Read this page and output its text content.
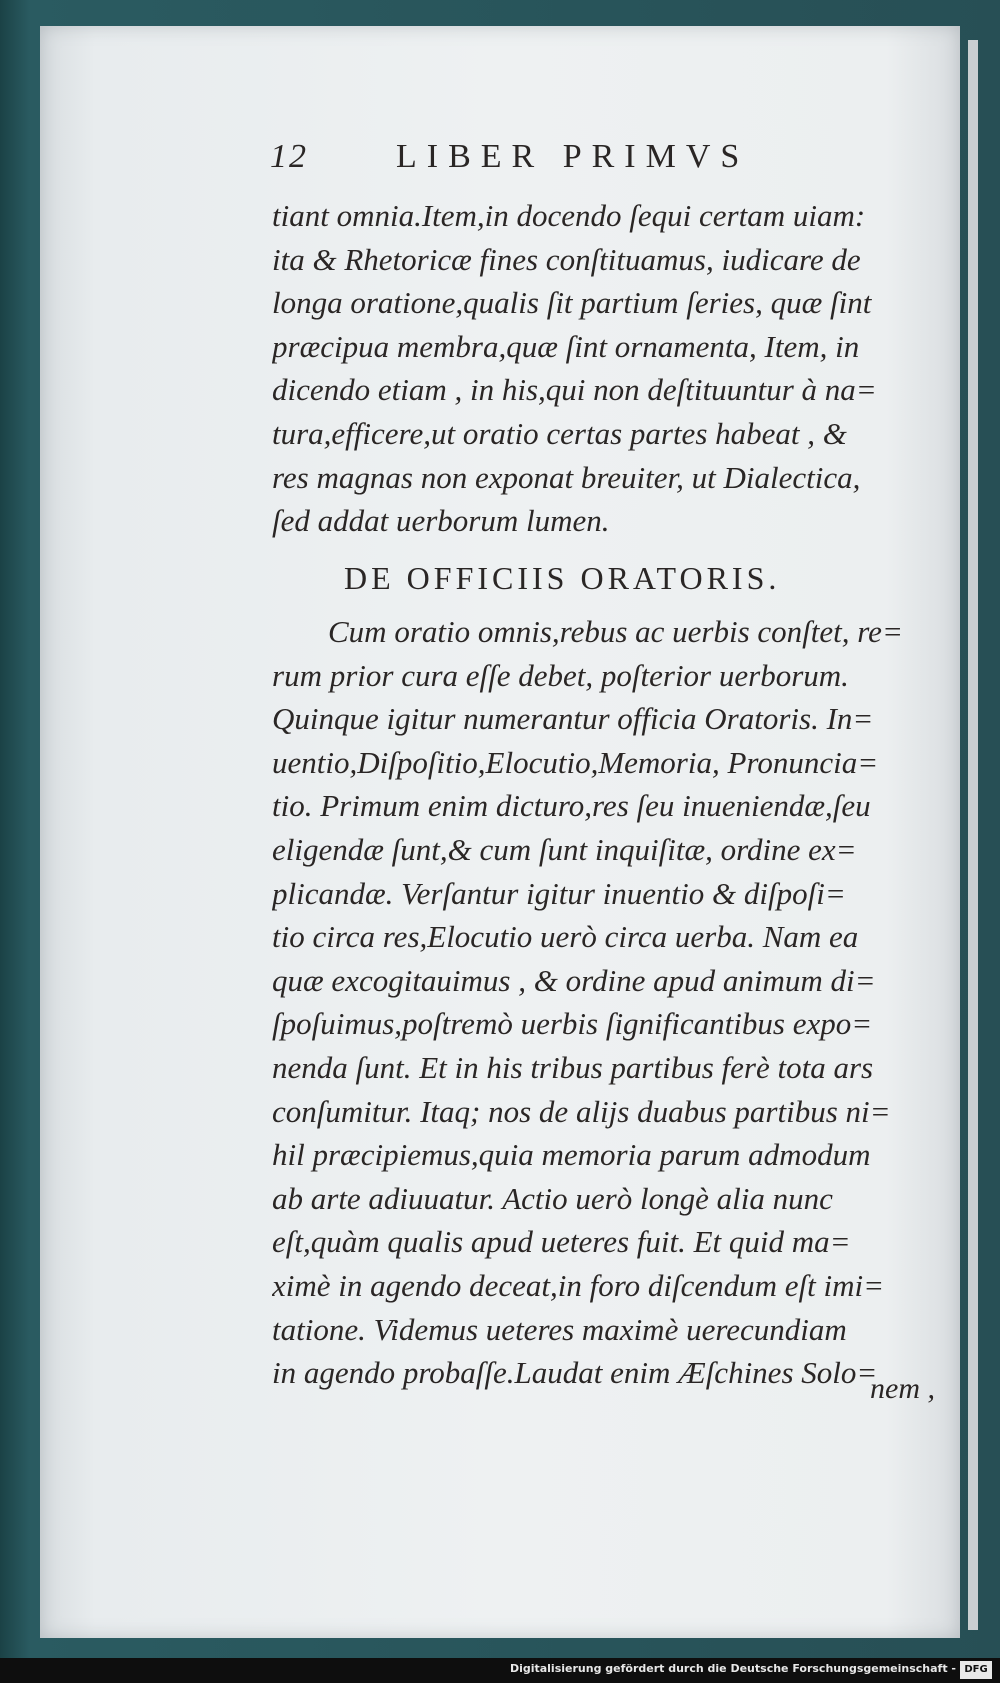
12	LIBER PRIMVS
tiant omnia.Item,in docendo ſequi certam uiam:
ita & Rhetoricæ fines conſtituamus, iudicare de
longa oratione,qualis ſit partium ſeries, quæ ſint
præcipua membra,quæ ſint ornamenta, Item, in
dicendo etiam , in his,qui non deſtituuntur à na=
tura,efficere,ut oratio certas partes habeat , &
res magnas non exponat breuiter, ut Dialectica,
ſed addat uerborum lumen.
DE OFFICIIS ORATORIS.
Cum oratio omnis,rebus ac uerbis conſtet, re=
rum prior cura eſſe debet, poſterior uerborum.
Quinque igitur numerantur officia Oratoris. In=
uentio,Diſpoſitio,Elocutio,Memoria, Pronuncia=
tio. Primum enim dicturo,res ſeu inueniendæ,ſeu
eligendæ ſunt,& cum ſunt inquiſitæ, ordine ex=
plicandæ. Verſantur igitur inuentio & diſpoſi=
tio circa res,Elocutio uerò circa uerba. Nam ea
quæ excogitauimus , & ordine apud animum di=
ſpoſuimus,poſtremò uerbis ſignificantibus expo=
nenda ſunt. Et in his tribus partibus ferè tota ars
conſumitur. Itaq; nos de alijs duabus partibus ni=
hil præcipiemus,quia memoria parum admodum
ab arte adiuuatur. Actio uerò longè alia nunc
eſt,quàm qualis apud ueteres fuit. Et quid ma=
ximè in agendo deceat,in foro diſcendum eſt imi=
tatione. Videmus ueteres maximè uerecundiam
in agendo probaſſe.Laudat enim Æſchines Solo=
nem ,
Digitalisierung gefördert durch die Deutsche Forschungsgemeinschaft - DFG
